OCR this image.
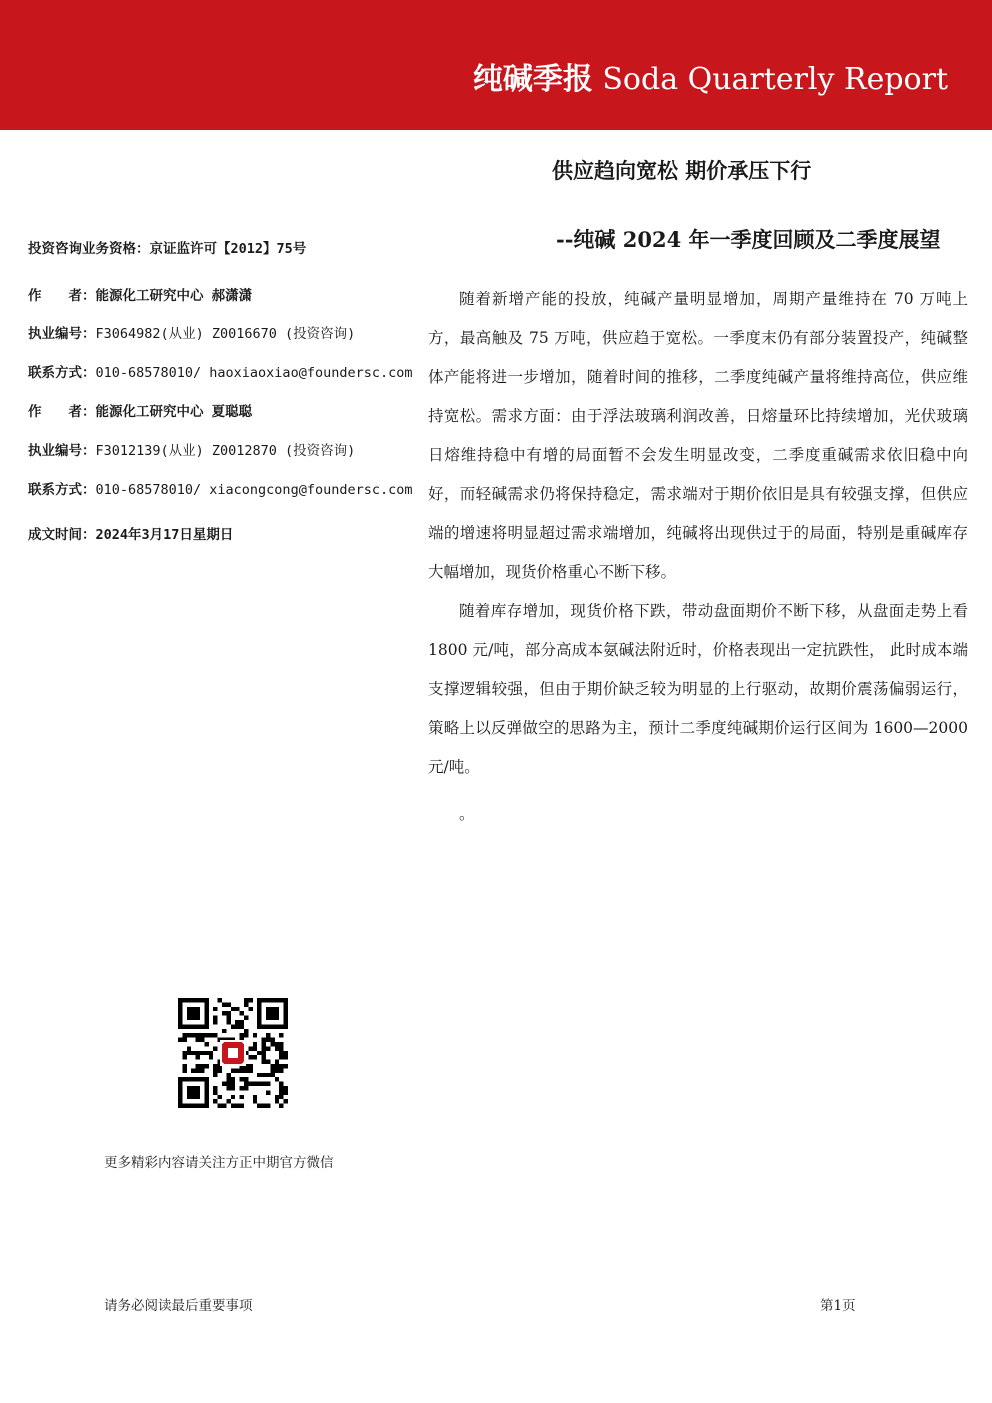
纯碱季报 Soda Quarterly Report
供应趋向宽松 期价承压下行
--纯碱 2024 年一季度回顾及二季度展望
投资咨询业务资格：京证监许可【2012】75号
作　　者：能源化工研究中心 郝潇潇
执业编号：F3064982(从业) Z0016670 (投资咨询)
联系方式：010-68578010/ haoxiaoxiao@foundersc.com
作　　者：能源化工研究中心 夏聪聪
执业编号：F3012139(从业) Z0012870 (投资咨询)
联系方式：010-68578010/ xiacongcong@foundersc.com
成文时间：2024年3月17日星期日

随着新增产能的投放，纯碱产量明显增加，周期产量维持在 70 万吨上方，最高触及 75 万吨，供应趋于宽松。一季度末仍有部分装置投产，纯碱整体产能将进一步增加，随着时间的推移，二季度纯碱产量将维持高位，供应维持宽松。需求方面：由于浮法玻璃利润改善，日熔量环比持续增加，光伏玻璃日熔维持稳中有增的局面暂不会发生明显改变，二季度重碱需求依旧稳中向好，而轻碱需求仍将保持稳定，需求端对于期价依旧是具有较强支撑，但供应端的增速将明显超过需求端增加，纯碱将出现供过于的局面，特别是重碱库存大幅增加，现货价格重心不断下移。

随着库存增加，现货价格下跌，带动盘面期价不断下移，从盘面走势上看 1800 元/吨，部分高成本氨碱法附近时，价格表现出一定抗跌性， 此时成本端支撑逻辑较强，但由于期价缺乏较为明显的上行驱动，故期价震荡偏弱运行，策略上以反弹做空的思路为主，预计二季度纯碱期价运行区间为 1600—2000 元/吨。

。

更多精彩内容请关注方正中期官方微信
请务必阅读最后重要事项	第1页
